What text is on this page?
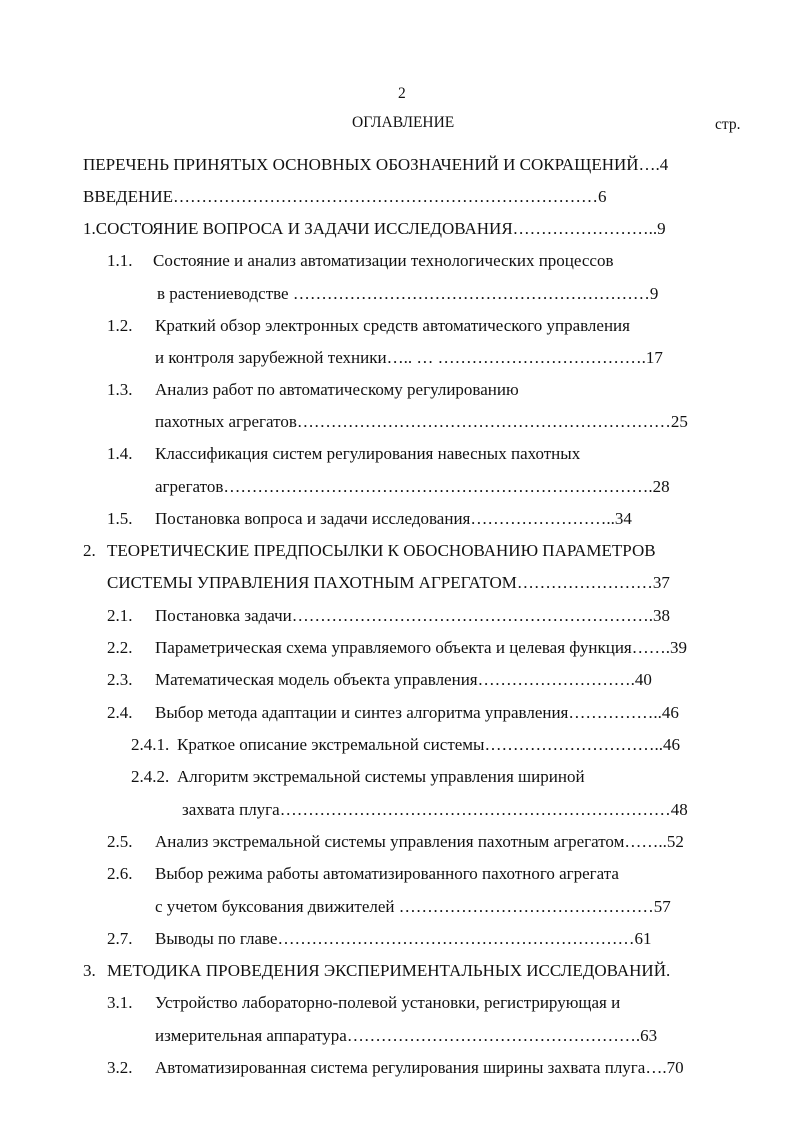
2
ОГЛАВЛЕНИЕ	стр.
ПЕРЕЧЕНЬ ПРИНЯТЫХ ОСНОВНЫХ ОБОЗНАЧЕНИЙ И СОКРАЩЕНИЙ….4
ВВЕДЕНИЕ…………………………………………………………………6
1.СОСТОЯНИЕ ВОПРОСА И ЗАДАЧИ ИССЛЕДОВАНИЯ……………………..9
1.1. Состояние и анализ автоматизации технологических процессов
в растениеводстве ………………………………………………………9
1.2. Краткий обзор электронных средств автоматического управления
и контроля зарубежной техники….. … ……………………………….17
1.3. Анализ работ по автоматическому регулированию
пахотных агрегатов…………………………………………………………25
1.4. Классификация систем регулирования навесных пахотных
агрегатов………………………………………………………………….28
1.5. Постановка вопроса и задачи исследования……………………..34
2. ТЕОРЕТИЧЕСКИЕ ПРЕДПОСЫЛКИ К ОБОСНОВАНИЮ ПАРАМЕТРОВ
СИСТЕМЫ УПРАВЛЕНИЯ ПАХОТНЫМ АГРЕГАТОМ……………………37
2.1. Постановка задачи……………………………………………………….38
2.2. Параметрическая схема управляемого объекта и целевая функция…….39
2.3. Математическая модель объекта управления……………………….40
2.4. Выбор метода адаптации и синтез алгоритма управления……………..46
2.4.1. Краткое описание экстремальной системы…………………………..46
2.4.2. Алгоритм экстремальной системы управления шириной
захвата плуга……………………………………………………………48
2.5. Анализ экстремальной системы управления пахотным агрегатом……..52
2.6. Выбор режима работы автоматизированного пахотного агрегата
с учетом буксования движителей ………………………………………57
2.7. Выводы по главе………………………………………………………61
3. МЕТОДИКА ПРОВЕДЕНИЯ ЭКСПЕРИМЕНТАЛЬНЫХ ИССЛЕДОВАНИЙ.
3.1. Устройство лабораторно-полевой установки, регистрирующая и
измерительная аппаратура…………………………………………….63
3.2. Автоматизированная система регулирования ширины захвата плуга….70
